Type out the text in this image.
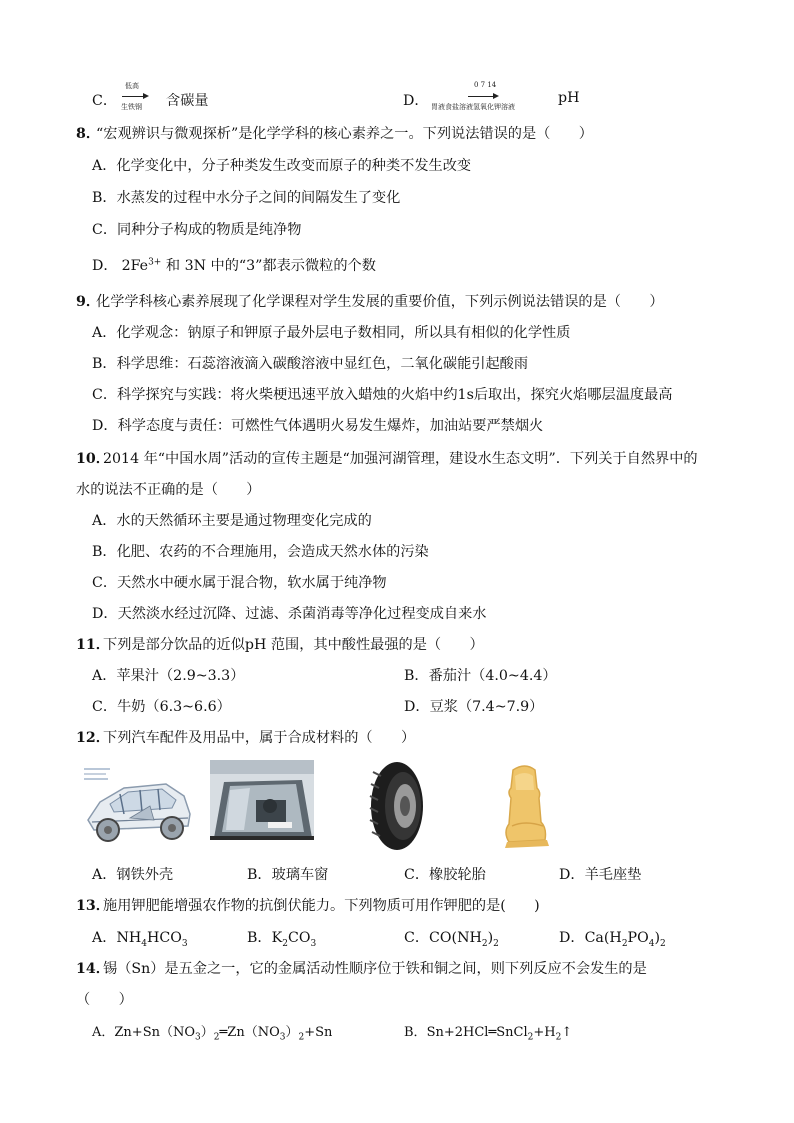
C．
低高
生铁钢 含碳量	D．
0 7 14
胃液食盐溶液氢氧化钾溶液
pH
8．
“宏观辨识与微观探析”是化学学科的核心素养之一。下列说法错误的是（　　）
A．化学变化中，分子种类发生改变而原子的种类不发生改变
B．水蒸发的过程中水分子之间的间隔发生了变化
C．同种分子构成的物质是纯净物
D． $2Fe^{3+}$ 和 3N 中的“3”都表示微粒的个数
9．
化学学科核心素养展现了化学课程对学生发展的重要价值，下列示例说法错误的是（　　）
A．化学观念：钠原子和钾原子最外层电子数相同，所以具有相似的化学性质
B．科学思维：石蕊溶液滴入碳酸溶液中显红色，二氧化碳能引起酸雨
C．科学探究与实践：将火柴梗迅速平放入蜡烛的火焰中约1s后取出，探究火焰哪层温度最高
D．科学态度与责任：可燃性气体遇明火易发生爆炸，加油站要严禁烟火
10．
2014 年“中国水周”活动的宣传主题是“加强河湖管理，建设水生态文明”．下列关于自然界中的
水的说法不正确的是（　　）
A．水的天然循环主要是通过物理变化完成的
B．化肥、农药的不合理施用，会造成天然水体的污染
C．天然水中硬水属于混合物，软水属于纯净物
D．天然淡水经过沉降、过滤、杀菌消毒等净化过程变成自来水
11．
下列是部分饮品的近似pH 范围，其中酸性最强的是（　　）
A．苹果汁（2.9~3.3）	B．番茄汁（4.0~4.4）
C．牛奶（6.3~6.6）	D．豆浆（7.4~7.9）
12．
下列汽车配件及用品中，属于合成材料的（　　）
A．钢铁外壳	B．玻璃车窗	C．橡胶轮胎	D．羊毛座垫
13．
施用钾肥能增强农作物的抗倒伏能力。下列物质可用作钾肥的是(　　)
A．$NH_4HCO_3$	B．$K_2CO_3$	C．$CO(NH_2)_2$	D．$Ca(H_2PO_4)_2$
14．
锡（Sn）是五金之一，它的金属活动性顺序位于铁和铜之间，则下列反应不会发生的是
（　　）
A．$Zn+Sn(NO_3)_2═Zn(NO_3)_2+Sn$	B．$Sn+2HCl═SnCl_2+H_2↑$
